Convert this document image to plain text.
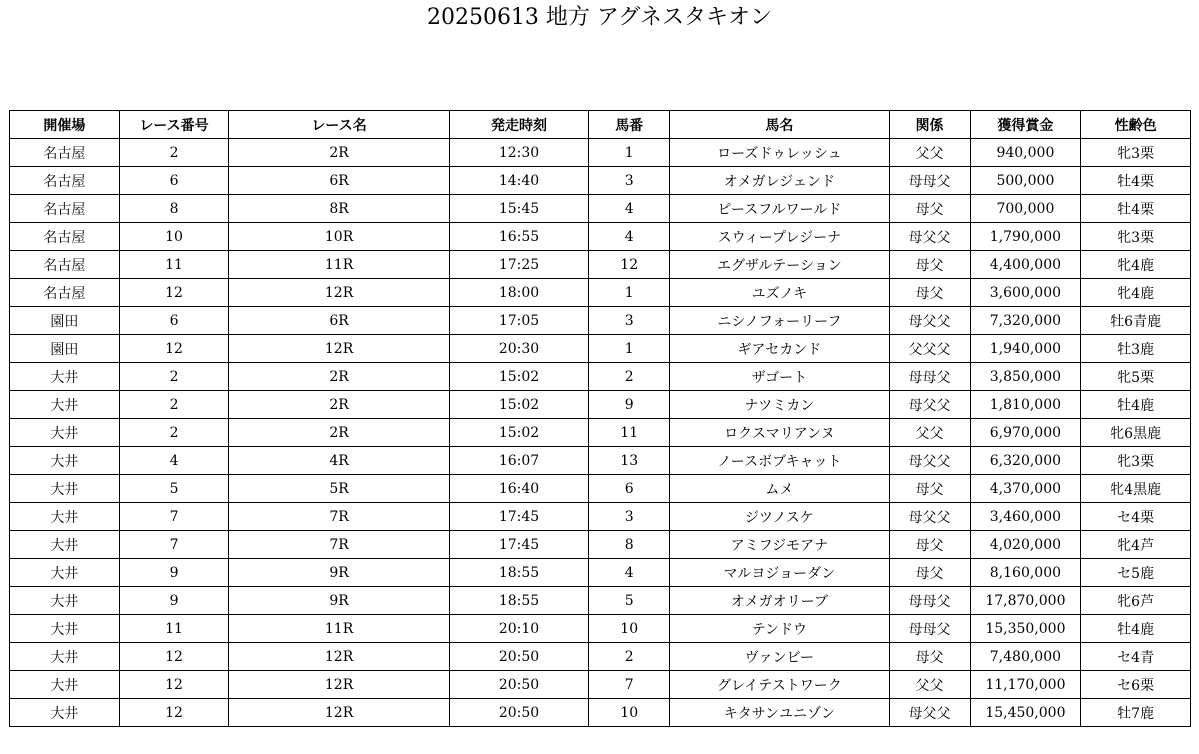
20250613 地方 アグネスタキオン
開催場	レース番号	レース名	発走時刻	馬番	馬名	関係	獲得賞金	性齢色
名古屋	2	2R	12:30	1	ローズドゥレッシュ	父父	940,000	牝3栗
名古屋	6	6R	14:40	3	オメガレジェンド	母母父	500,000	牡4栗
名古屋	8	8R	15:45	4	ピースフルワールド	母父	700,000	牡4栗
名古屋	10	10R	16:55	4	スウィープレジーナ	母父父	1,790,000	牝3栗
名古屋	11	11R	17:25	12	エグザルテーション	母父	4,400,000	牝4鹿
名古屋	12	12R	18:00	1	ユズノキ	母父	3,600,000	牝4鹿
園田	6	6R	17:05	3	ニシノフォーリーフ	母父父	7,320,000	牡6青鹿
園田	12	12R	20:30	1	ギアセカンド	父父父	1,940,000	牡3鹿
大井	2	2R	15:02	2	ザゴート	母母父	3,850,000	牝5栗
大井	2	2R	15:02	9	ナツミカン	母父父	1,810,000	牡4鹿
大井	2	2R	15:02	11	ロクスマリアンヌ	父父	6,970,000	牝6黒鹿
大井	4	4R	16:07	13	ノースボブキャット	母父父	6,320,000	牝3栗
大井	5	5R	16:40	6	ムメ	母父	4,370,000	牝4黒鹿
大井	7	7R	17:45	3	ジツノスケ	母父父	3,460,000	セ4栗
大井	7	7R	17:45	8	アミフジモアナ	母父	4,020,000	牝4芦
大井	9	9R	18:55	4	マルヨジョーダン	母父	8,160,000	セ5鹿
大井	9	9R	18:55	5	オメガオリーブ	母母父	17,870,000	牝6芦
大井	11	11R	20:10	10	テンドウ	母母父	15,350,000	牡4鹿
大井	12	12R	20:50	2	ヴァンビー	母父	7,480,000	セ4青
大井	12	12R	20:50	7	グレイテストワーク	父父	11,170,000	セ6栗
大井	12	12R	20:50	10	キタサンユニゾン	母父父	15,450,000	牡7鹿
